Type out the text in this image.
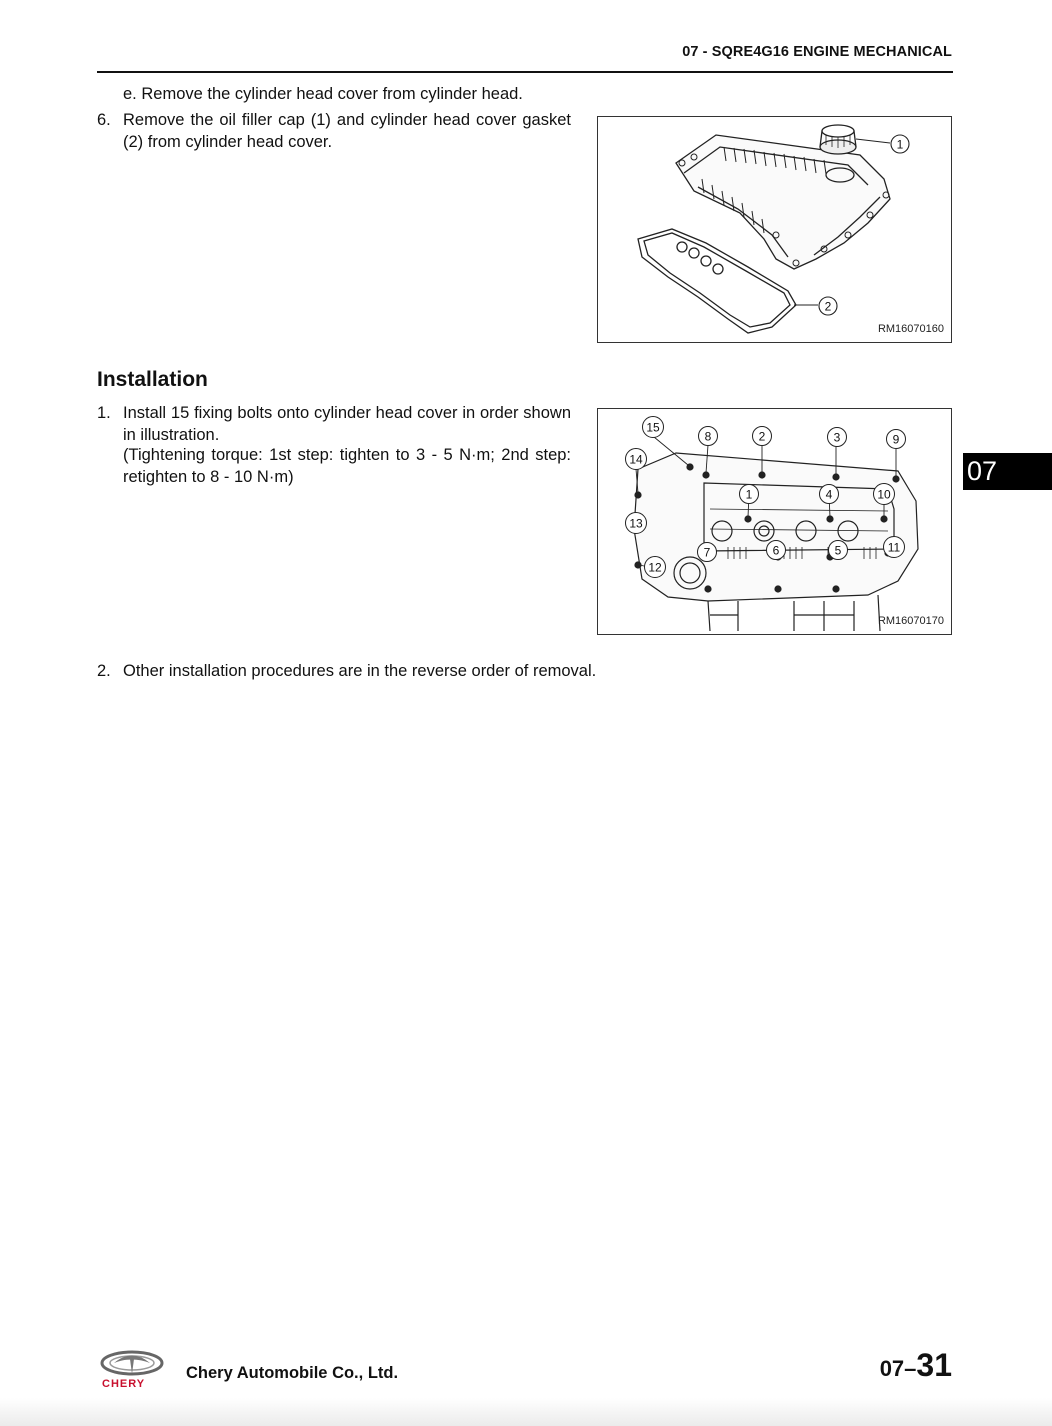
07 - SQRE4G16 ENGINE MECHANICAL
e. Remove the cylinder head cover from cylinder head.
6. Remove the oil filler cap (1) and cylinder head cover gasket (2) from cylinder head cover.	1
2
RM16070160
Installation
1. Install 15 fixing bolts onto cylinder head cover in order shown in illustration.
(Tightening torque: 1st step: tighten to 3 - 5 N·m; 2nd step: retighten to 8 - 10 N·m)
1
2	3
4
5
6
7
8	9
10
11
12
13
14
15
RM16070170
2. Other installation procedures are in the reverse order of removal.
07
CHERY
Chery Automobile Co., Ltd.	07–31
